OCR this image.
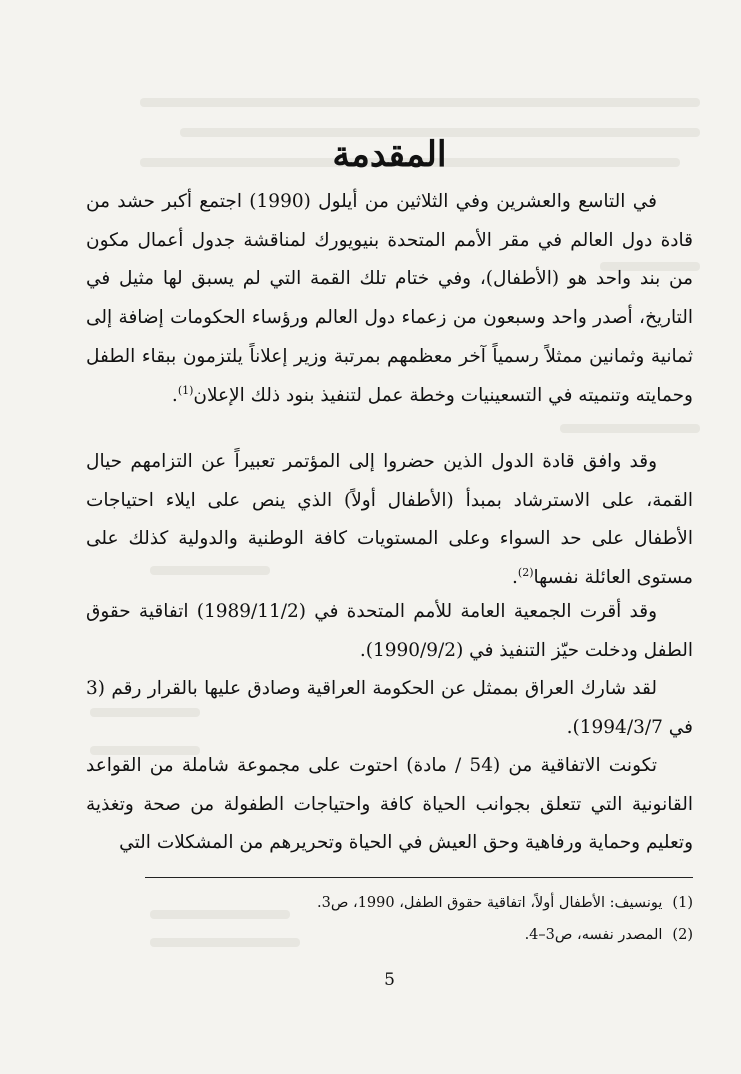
المقدمة

في التاسع والعشرين وفي الثلاثين من أيلول (1990) اجتمع أكبر حشد من قادة دول العالم في مقر الأمم المتحدة بنيويورك لمناقشة جدول أعمال مكون من بند واحد هو (الأطفال)، وفي ختام تلك القمة التي لم يسبق لها مثيل في التاريخ، أصدر واحد وسبعون من زعماء دول العالم ورؤساء الحكومات إضافة إلى ثمانية وثمانين ممثلاً رسمياً آخر معظمهم بمرتبة وزير إعلاناً يلتزمون ببقاء الطفل وحمايته وتنميته في التسعينيات وخطة عمل لتنفيذ بنود ذلك الإعلان$^{(1)}$.

وقد وافق قادة الدول الذين حضروا إلى المؤتمر تعبيراً عن التزامهم حيال القمة، على الاسترشاد بمبدأ (الأطفال أولاً) الذي ينص على ايلاء احتياجات الأطفال على حد السواء وعلى المستويات كافة الوطنية والدولية كذلك على مستوى العائلة نفسها$^{(2)}$.

وقد أقرت الجمعية العامة للأمم المتحدة في (1989/11/2) اتفاقية حقوق الطفل ودخلت حيّز التنفيذ في (1990/9/2).

لقد شارك العراق بممثل عن الحكومة العراقية وصادق عليها بالقرار رقم (3 في 1994/3/7).

تكونت الاتفاقية من (54 / مادة) احتوت على مجموعة شاملة من القواعد القانونية التي تتعلق بجوانب الحياة كافة واحتياجات الطفولة من صحة وتغذية وتعليم وحماية ورفاهية وحق العيش في الحياة وتحريرهم من المشكلات التي

(1)يونسيف: الأطفال أولاً، اتفاقية حقوق الطفل، 1990، ص3.

(2)المصدر نفسه، ص3–4.

5
